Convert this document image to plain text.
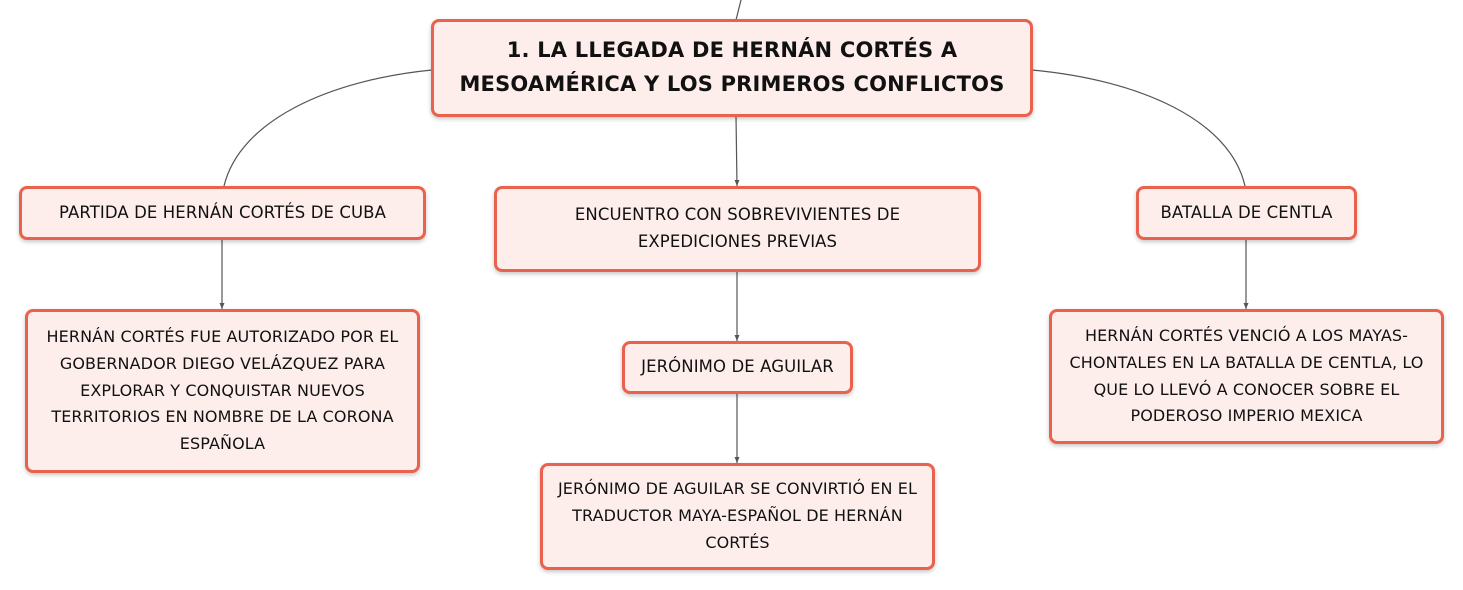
1. LA LLEGADA DE HERNÁN CORTÉS A
MESOAMÉRICA Y LOS PRIMEROS CONFLICTOS
PARTIDA DE HERNÁN CORTÉS DE CUBA
HERNÁN CORTÉS FUE AUTORIZADO POR EL
GOBERNADOR DIEGO VELÁZQUEZ PARA
EXPLORAR Y CONQUISTAR NUEVOS
TERRITORIOS EN NOMBRE DE LA CORONA
ESPAÑOLA
ENCUENTRO CON SOBREVIVIENTES DE
EXPEDICIONES PREVIAS
JERÓNIMO DE AGUILAR
JERÓNIMO DE AGUILAR SE CONVIRTIÓ EN EL
TRADUCTOR MAYA-ESPAÑOL DE HERNÁN
CORTÉS
BATALLA DE CENTLA
HERNÁN CORTÉS VENCIÓ A LOS MAYAS-
CHONTALES EN LA BATALLA DE CENTLA, LO
QUE LO LLEVÓ A CONOCER SOBRE EL
PODEROSO IMPERIO MEXICA
